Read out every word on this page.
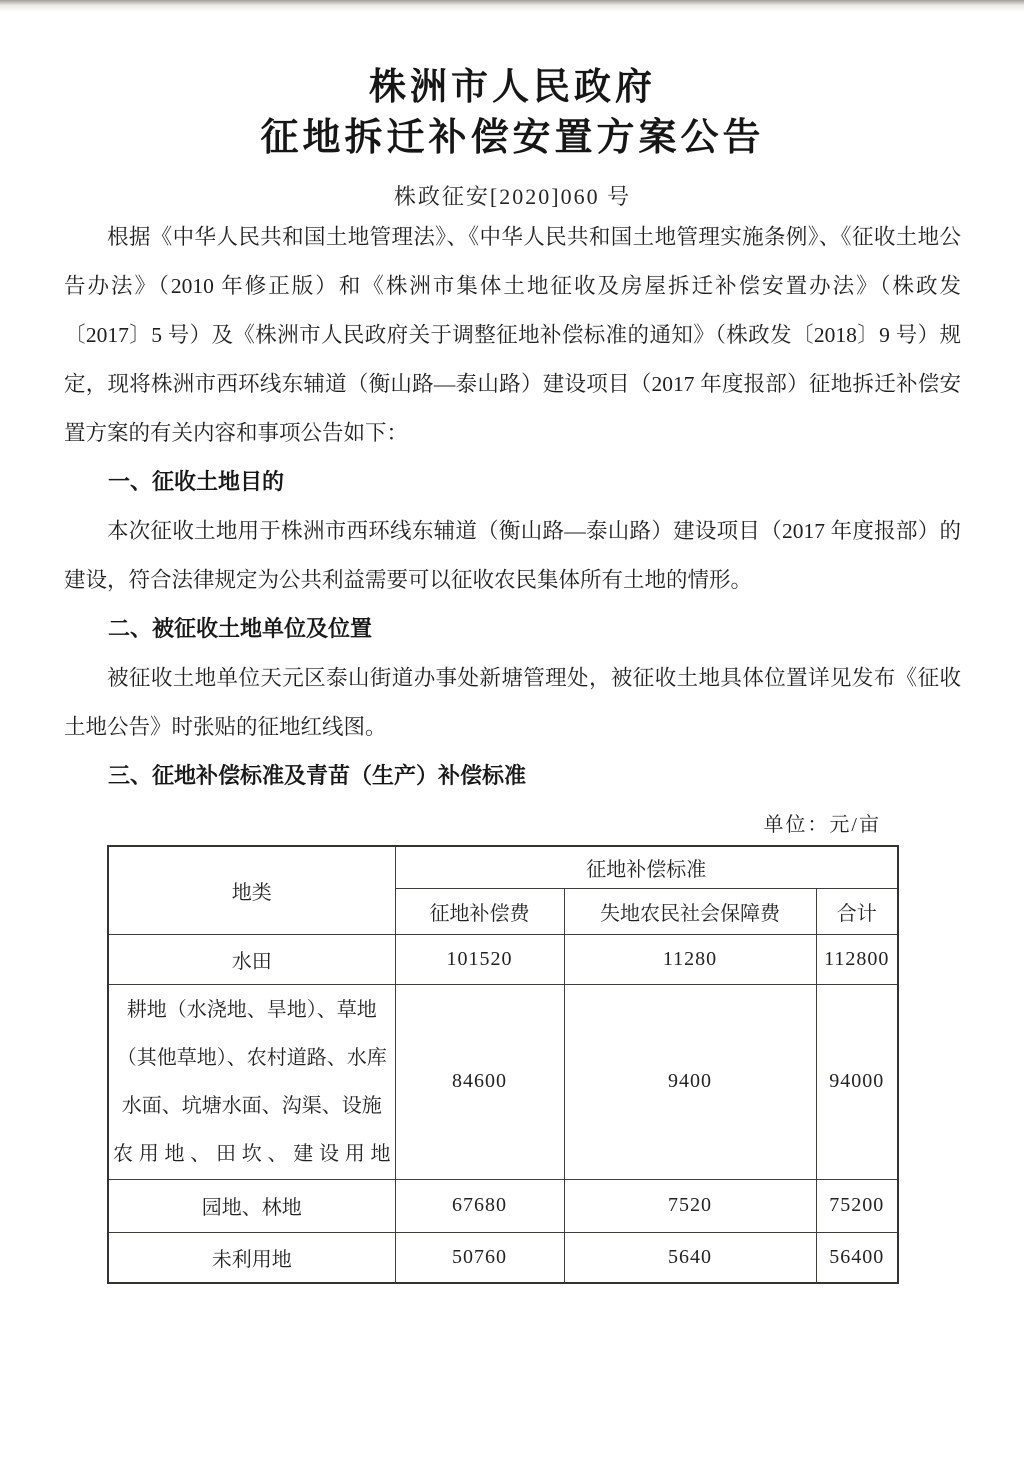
株洲市人民政府
征地拆迁补偿安置方案公告
株政征安[2020]060 号

根据《中华人民共和国土地管理法》、《中华人民共和国土地管理实施条例》、《征收土地公告办法》（2010 年修正版）和《株洲市集体土地征收及房屋拆迁补偿安置办法》（株政发〔2017〕5 号）及《株洲市人民政府关于调整征地补偿标准的通知》（株政发〔2018〕9 号）规定，现将株洲市西环线东辅道（衡山路—泰山路）建设项目（2017 年度报部）征地拆迁补偿安置方案的有关内容和事项公告如下：

一、征收土地目的

本次征收土地用于株洲市西环线东辅道（衡山路—泰山路）建设项目（2017 年度报部）的建设，符合法律规定为公共利益需要可以征收农民集体所有土地的情形。

二、被征收土地单位及位置

被征收土地单位天元区泰山街道办事处新塘管理处，被征收土地具体位置详见发布《征收土地公告》时张贴的征地红线图。

三、征地补偿标准及青苗（生产）补偿标准
单位：元/亩
地类	征地补偿标准		
	征地补偿费	失地农民社会保障费	合计
水田	101520	11280	112800
耕地（水浇地、旱地）、草地（其他草地）、农村道路、水库水面、坑塘水面、沟渠、设施农用地、田坎、建设用地	84600	9400	94000
园地、林地	67680	7520	75200
未利用地	50760	5640	56400
